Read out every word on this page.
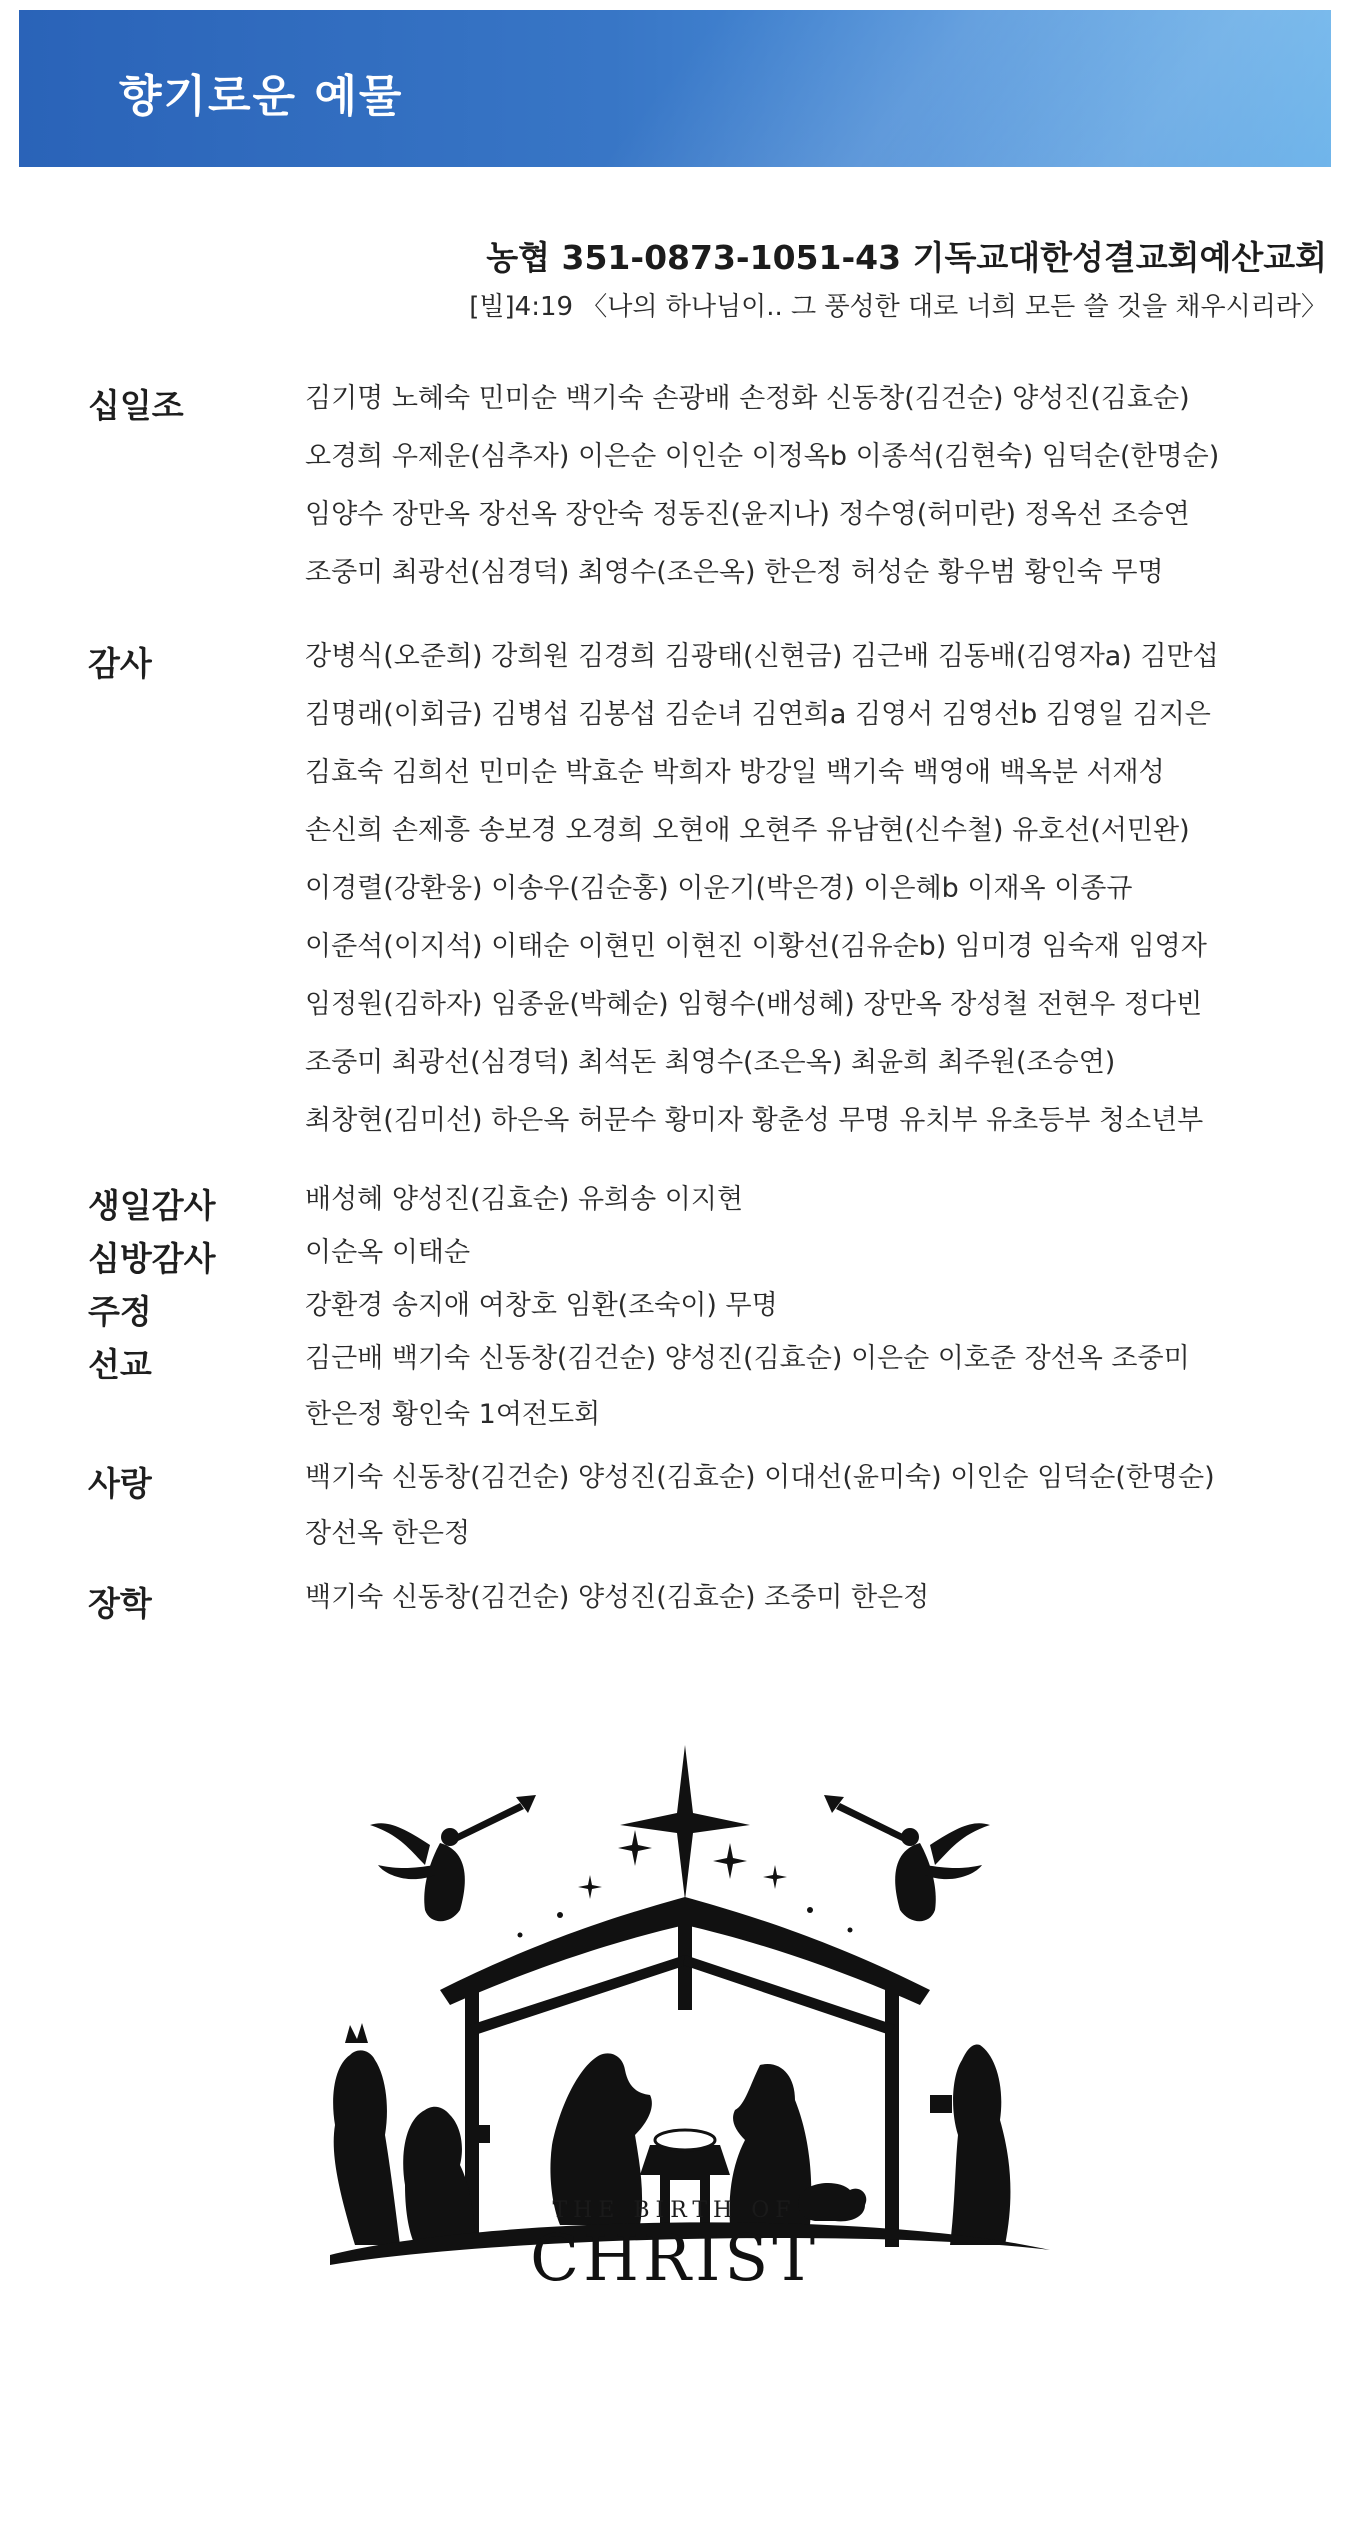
향기로운 예물
농협 351-0873-1051-43 기독교대한성결교회예산교회
[빌]4:19 〈나의 하나님이.. 그 풍성한 대로 너희 모든 쓸 것을 채우시리라〉
십일조	김기명 노혜숙 민미순 백기숙 손광배 손정화 신동창(김건순) 양성진(김효순)
오경희 우제운(심추자) 이은순 이인순 이정옥b 이종석(김현숙) 임덕순(한명순)
임양수 장만옥 장선옥 장안숙 정동진(윤지나) 정수영(허미란) 정옥선 조승연
조중미 최광선(심경덕) 최영수(조은옥) 한은정 허성순 황우범 황인숙 무명
감사	강병식(오준희) 강희원 김경희 김광태(신현금) 김근배 김동배(김영자a) 김만섭
김명래(이회금) 김병섭 김봉섭 김순녀 김연희a 김영서 김영선b 김영일 김지은
김효숙 김희선 민미순 박효순 박희자 방강일 백기숙 백영애 백옥분 서재성
손신희 손제흥 송보경 오경희 오현애 오현주 유남현(신수철) 유호선(서민완)
이경렬(강환웅) 이송우(김순홍) 이운기(박은경) 이은혜b 이재옥 이종규
이준석(이지석) 이태순 이현민 이현진 이황선(김유순b) 임미경 임숙재 임영자
임정원(김하자) 임종윤(박혜순) 임형수(배성혜) 장만옥 장성철 전현우 정다빈
조중미 최광선(심경덕) 최석돈 최영수(조은옥) 최윤희 최주원(조승연)
최창현(김미선) 하은옥 허문수 황미자 황춘성 무명 유치부 유초등부 청소년부
생일감사	배성혜 양성진(김효순) 유희송 이지현
심방감사	이순옥 이태순
주정	강환경 송지애 여창호 임환(조숙이) 무명
선교	김근배 백기숙 신동창(김건순) 양성진(김효순) 이은순 이호준 장선옥 조중미
한은정 황인숙 1여전도회
사랑	백기숙 신동창(김건순) 양성진(김효순) 이대선(윤미숙) 이인순 임덕순(한명순)
장선옥 한은정
장학	백기숙 신동창(김건순) 양성진(김효순) 조중미 한은정
THE BIRTH OF
CHRIST
